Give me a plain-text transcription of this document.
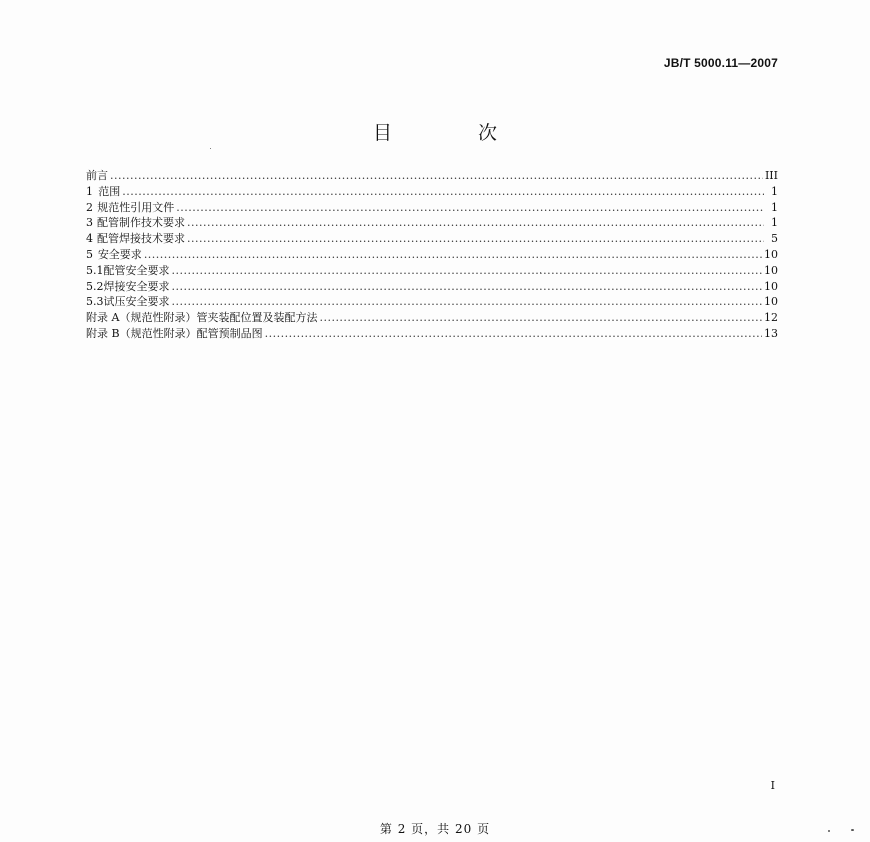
JB/T 5000.11—2007
目 次
前言 .....	III
1 范围 .....	1
2 规范性引用文件 .....	1
3 配管制作技术要求 .....	1
4 配管焊接技术要求 .....	5
5 安全要求 .....	10
5.1 配管安全要求 .....	10
5.2 焊接安全要求 .....	10
5.3 试压安全要求 .....	10
附录 A（规范性附录）管夹装配位置及装配方法 .....	12
附录 B（规范性附录）配管预制品图 .....	13
I
第 2 页，共 20 页
